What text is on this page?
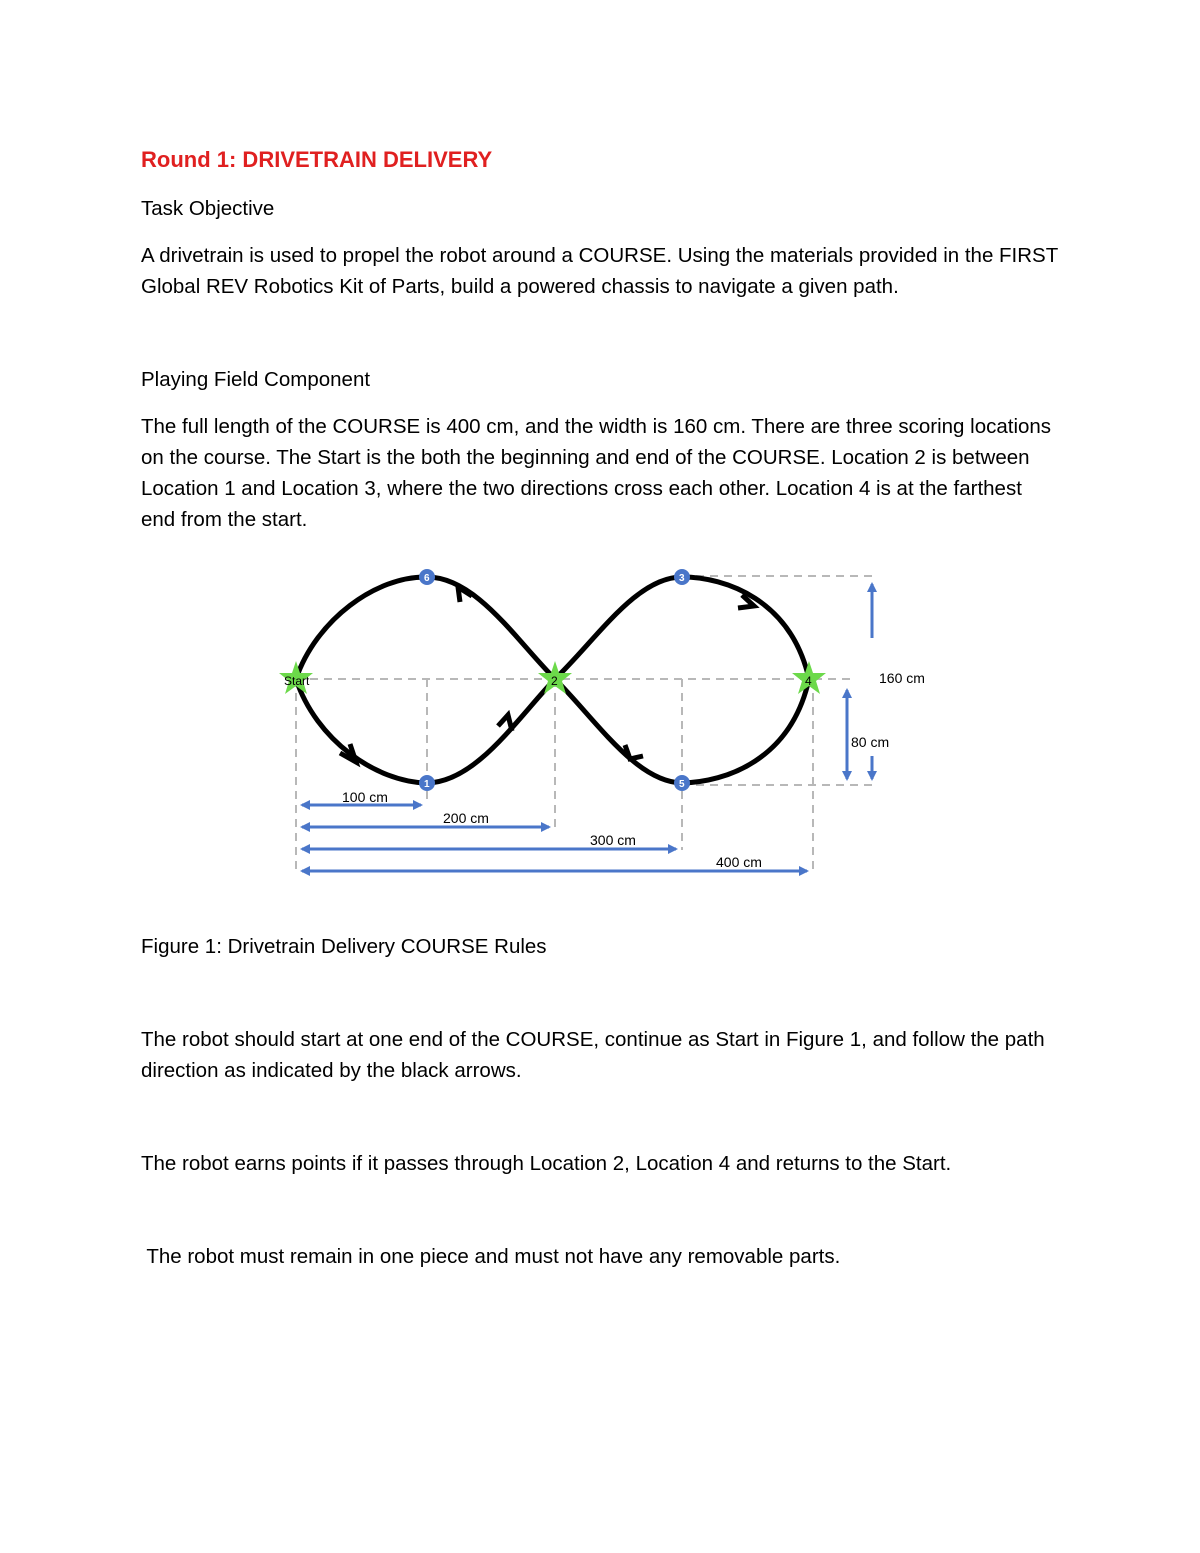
Round 1: DRIVETRAIN DELIVERY

Task Objective

A drivetrain is used to propel the robot around a COURSE. Using the materials provided in the FIRST Global REV Robotics Kit of Parts, build a powered chassis to navigate a given path.

Playing Field Component

The full length of the COURSE is 400 cm, and the width is 160 cm. There are three scoring locations on the course. The Start is the both the beginning and end of the COURSE. Location 2 is between Location 1 and Location 3, where the two directions cross each other. Location 4 is at the farthest end from the start.

100 cm
200 cm
300 cm
400 cm
160 cm
80 cm
Start	2	4
1
3
5
6

Figure 1: Drivetrain Delivery COURSE Rules

The robot should start at one end of the COURSE, continue as Start in Figure 1, and follow the path direction as indicated by the black arrows.

The robot earns points if it passes through Location 2, Location 4 and returns to the Start.

The robot must remain in one piece and must not have any removable parts.
